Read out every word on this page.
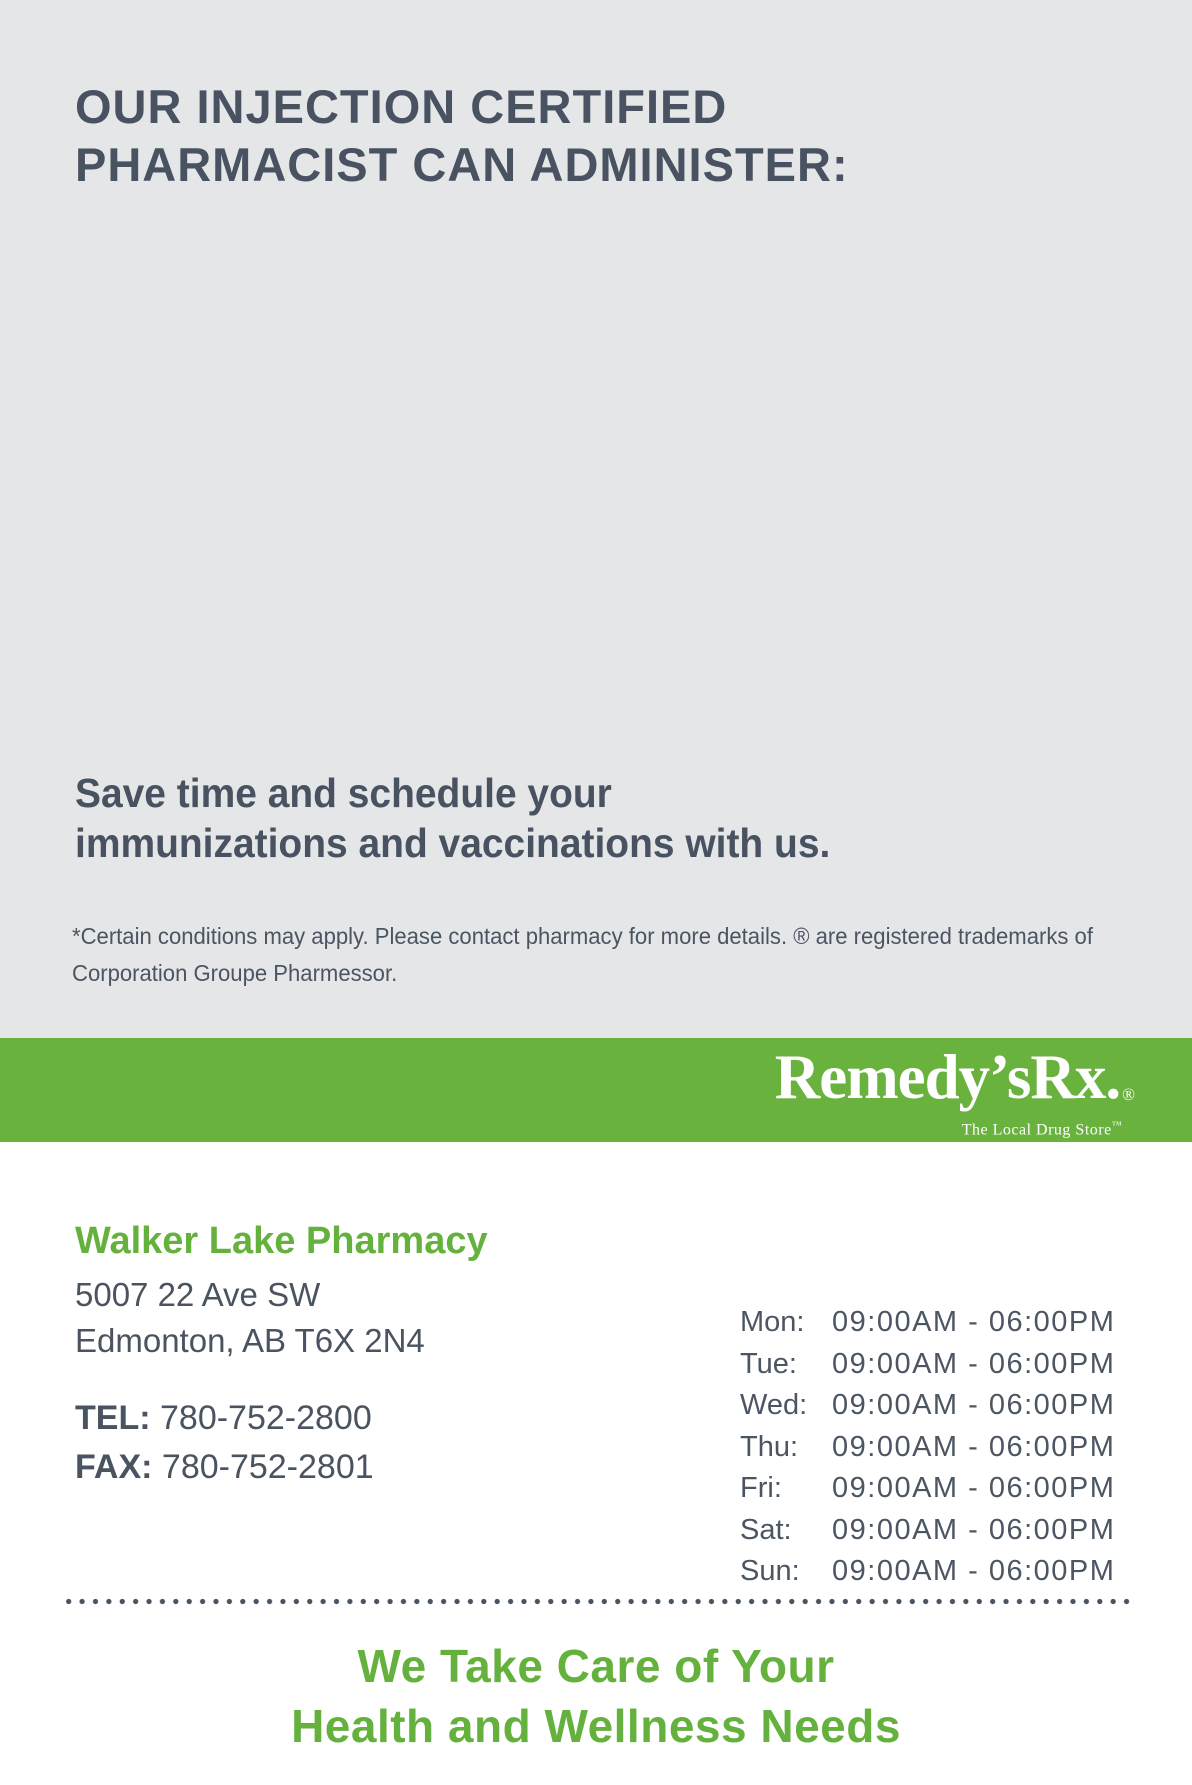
OUR INJECTION CERTIFIED
PHARMACIST CAN ADMINISTER:
Save time and schedule your
immunizations and vaccinations with us.
*Certain conditions may apply. Please contact pharmacy for more details. ® are registered trademarks of Corporation Groupe Pharmessor.
Remedy’sRx. ®
The Local Drug Store™
Walker Lake Pharmacy
5007 22 Ave SW
Edmonton, AB T6X 2N4
TEL: 780-752-2800
FAX: 780-752-2801
Mon: 09:00AM - 06:00PM
Tue:	09:00AM - 06:00PM
Wed: 09:00AM - 06:00PM
Thu:	09:00AM - 06:00PM
Fri:	09:00AM - 06:00PM
Sat:	09:00AM - 06:00PM
Sun:	09:00AM - 06:00PM
We Take Care of Your
Health and Wellness Needs
